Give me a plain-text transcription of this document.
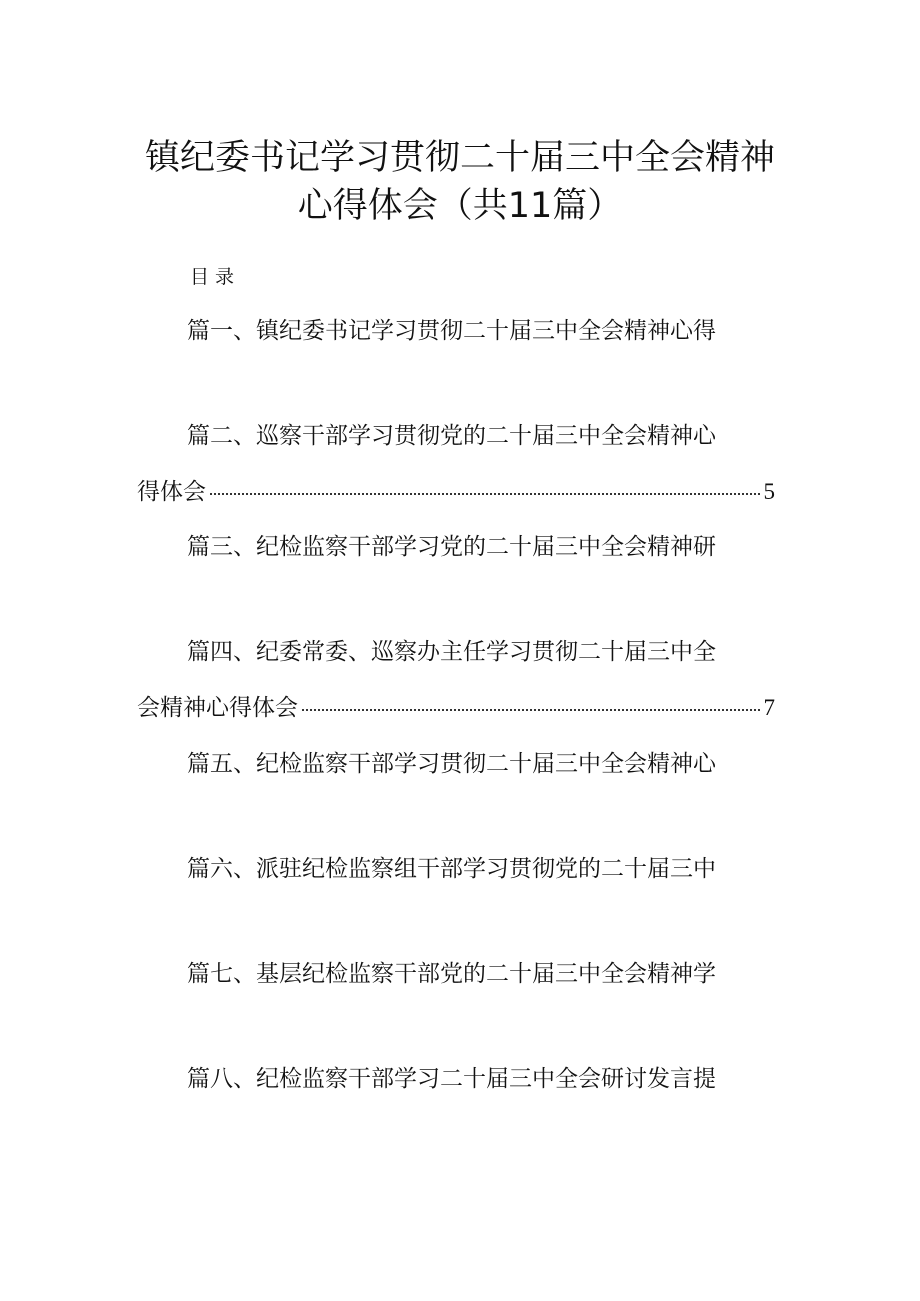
镇纪委书记学习贯彻二十届三中全会精神
心得体会（共11篇）
目录
篇一、镇纪委书记学习贯彻二十届三中全会精神心得
篇二、巡察干部学习贯彻党的二十届三中全会精神心
得体会	5
篇三、纪检监察干部学习党的二十届三中全会精神研
篇四、纪委常委、巡察办主任学习贯彻二十届三中全
会精神心得体会	7
篇五、纪检监察干部学习贯彻二十届三中全会精神心
篇六、派驻纪检监察组干部学习贯彻党的二十届三中
篇七、基层纪检监察干部党的二十届三中全会精神学
篇八、纪检监察干部学习二十届三中全会研讨发言提
